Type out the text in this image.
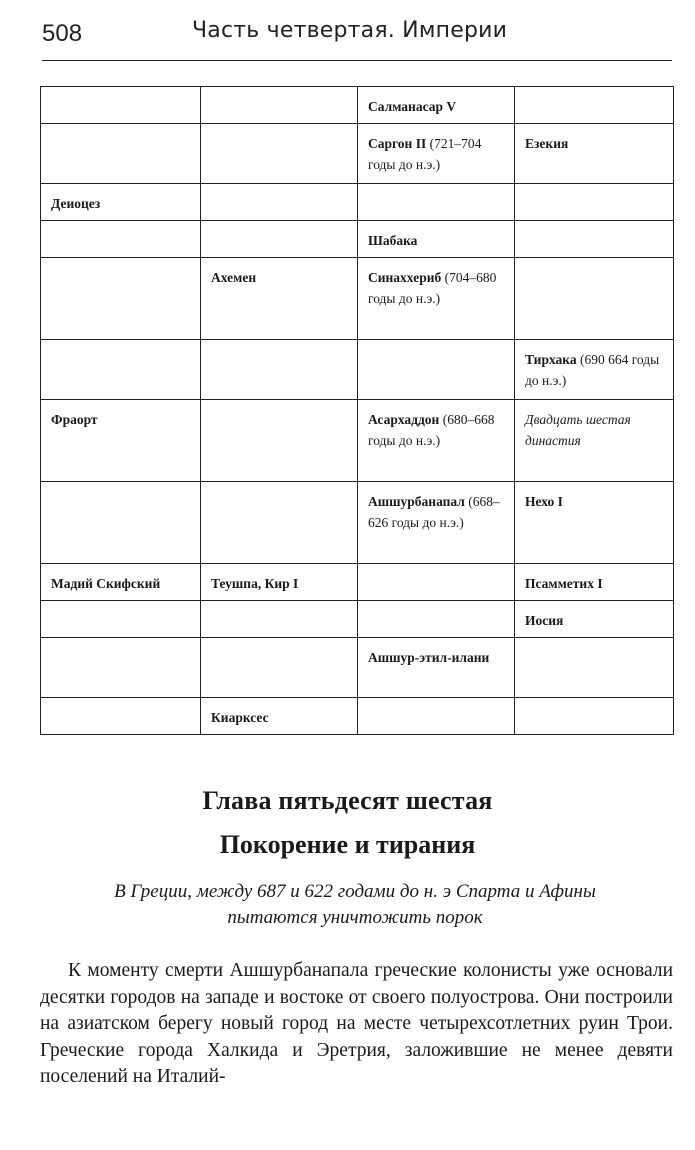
508	Часть четвертая. Империи
		Салманасар V	
		Саргон II (721–704 годы до н.э.)	Езекия
Деиоцез			
		Шабака	
	Ахемен	Синаххериб (704–680 годы до н.э.)	
			Тирхака (690 664 годы до н.э.)
Фраорт		Асархаддон (680–668 годы до н.э.)	Двадцать шестая династия
		Ашшурбанапал (668–626 годы до н.э.)	Нехо I
Мадий Скифский	Теушпа, Кир I		Псамметих I
			Иосия
		Ашшур-этил-илани	
	Киарксес		
Глава пятьдесят шестая
Покорение и тирания
В Греции, между 687 и 622 годами до н. э Спарта и Афины пытаются уничтожить порок

К моменту смерти Ашшурбанапала греческие колонисты уже основали десятки городов на западе и востоке от своего полуострова. Они построили на азиатском берегу новый город на месте четырехсотлетних руин Трои. Греческие города Халкида и Эретрия, заложившие не менее девяти поселений на Италий-
